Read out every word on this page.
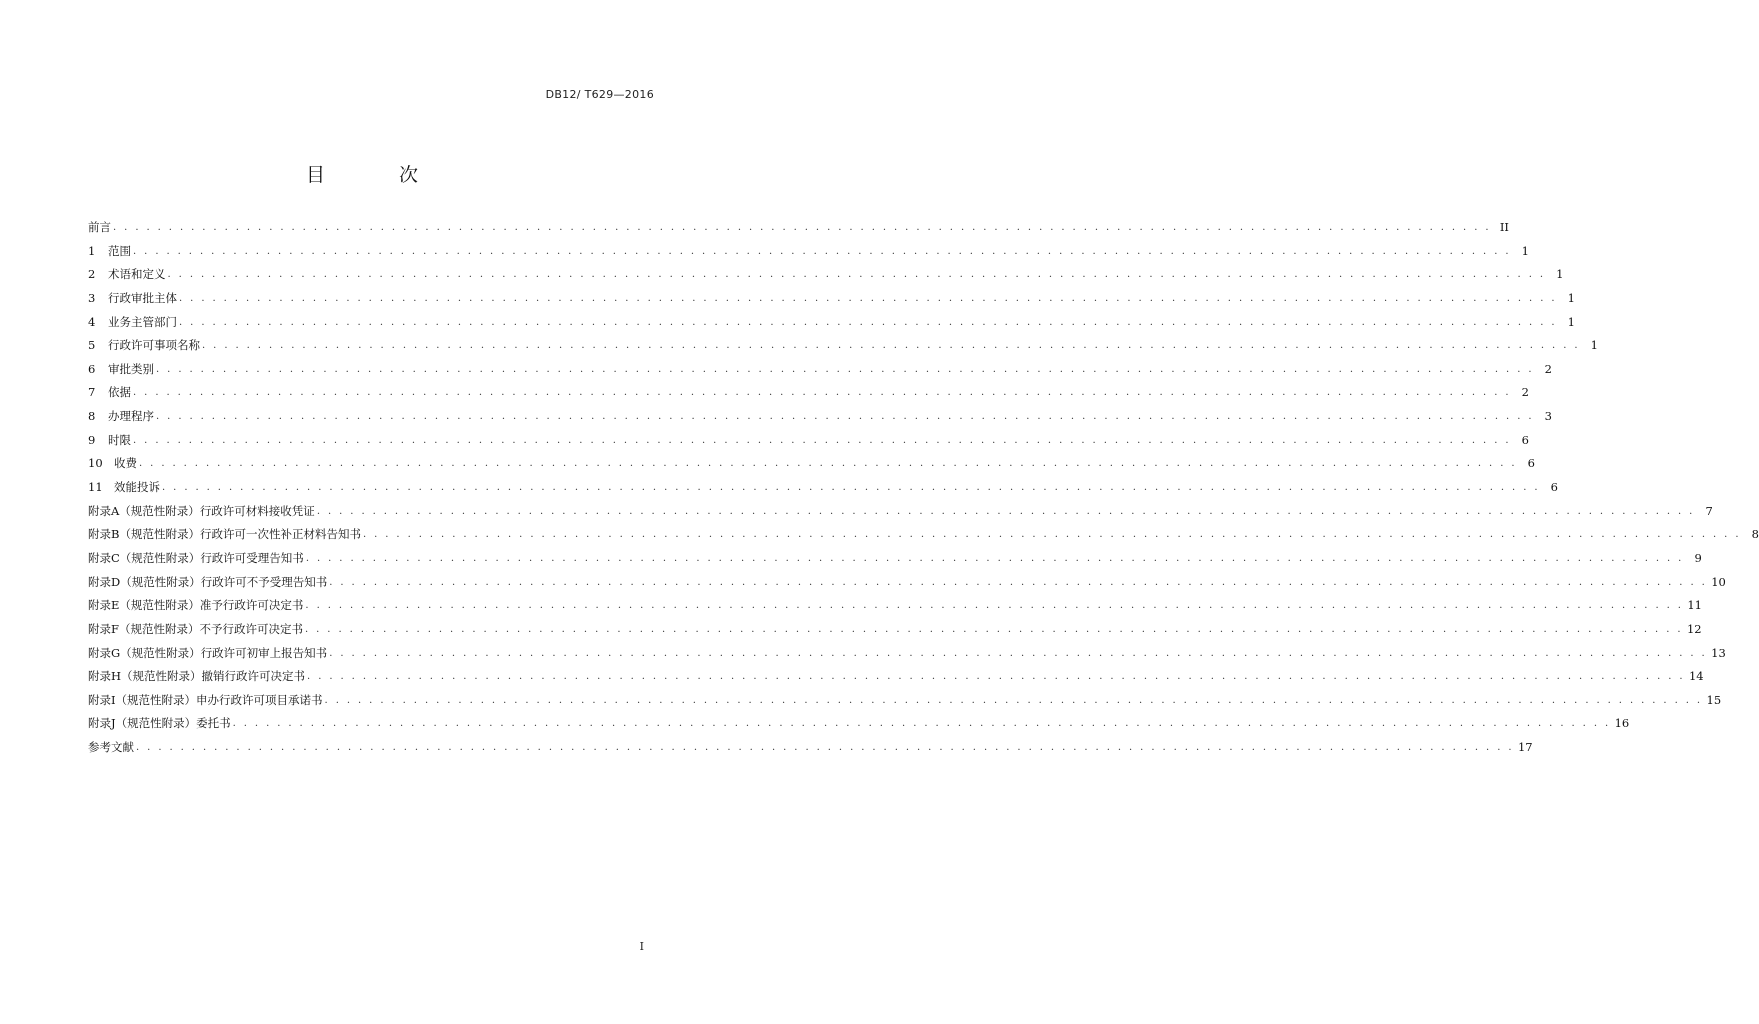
DB12/ T629—2016
目 次
前言 . . . . . . . . . . . . . . . . . . . . . . . . . . . . . . . . . . . . . . . . . . . . . . . . . . . . . . . . . . . . . . . . . . . . . . . . . . . . . . . . . . . . . . . . . . . . . . . . . . . . . . . . . . . . . . . . . . . . . . . . . . . . II
1	范围 . . . . . . . . . . . . . . . . . . . . . . . . . . . . . . . . . . . . . . . . . . . . . . . . . . . . . . . . . . . . . . . . . . . . . . . . . . . . . . . . . . . . . . . . . . . . . . . . . . . . . . . . . . . . . . . . . . . . . . . . . . . . 1
2	术语和定义 . . . . . . . . . . . . . . . . . . . . . . . . . . . . . . . . . . . . . . . . . . . . . . . . . . . . . . . . . . . . . . . . . . . . . . . . . . . . . . . . . . . . . . . . . . . . . . . . . . . . . . . . . . . . . . . . . . . . . . . . . . . . 1
3	行政审批主体 . . . . . . . . . . . . . . . . . . . . . . . . . . . . . . . . . . . . . . . . . . . . . . . . . . . . . . . . . . . . . . . . . . . . . . . . . . . . . . . . . . . . . . . . . . . . . . . . . . . . . . . . . . . . . . . . . . . . . . . . . . . . 1
4	业务主管部门 . . . . . . . . . . . . . . . . . . . . . . . . . . . . . . . . . . . . . . . . . . . . . . . . . . . . . . . . . . . . . . . . . . . . . . . . . . . . . . . . . . . . . . . . . . . . . . . . . . . . . . . . . . . . . . . . . . . . . . . . . . . . 1
5	行政许可事项名称 . . . . . . . . . . . . . . . . . . . . . . . . . . . . . . . . . . . . . . . . . . . . . . . . . . . . . . . . . . . . . . . . . . . . . . . . . . . . . . . . . . . . . . . . . . . . . . . . . . . . . . . . . . . . . . . . . . . . . . . . . . . . 1
6	审批类别 . . . . . . . . . . . . . . . . . . . . . . . . . . . . . . . . . . . . . . . . . . . . . . . . . . . . . . . . . . . . . . . . . . . . . . . . . . . . . . . . . . . . . . . . . . . . . . . . . . . . . . . . . . . . . . . . . . . . . . . . . . . . 2
7	依据 . . . . . . . . . . . . . . . . . . . . . . . . . . . . . . . . . . . . . . . . . . . . . . . . . . . . . . . . . . . . . . . . . . . . . . . . . . . . . . . . . . . . . . . . . . . . . . . . . . . . . . . . . . . . . . . . . . . . . . . . . . . . 2
8	办理程序 . . . . . . . . . . . . . . . . . . . . . . . . . . . . . . . . . . . . . . . . . . . . . . . . . . . . . . . . . . . . . . . . . . . . . . . . . . . . . . . . . . . . . . . . . . . . . . . . . . . . . . . . . . . . . . . . . . . . . . . . . . . . 3
9	时限 . . . . . . . . . . . . . . . . . . . . . . . . . . . . . . . . . . . . . . . . . . . . . . . . . . . . . . . . . . . . . . . . . . . . . . . . . . . . . . . . . . . . . . . . . . . . . . . . . . . . . . . . . . . . . . . . . . . . . . . . . . . . 6
10 收费 . . . . . . . . . . . . . . . . . . . . . . . . . . . . . . . . . . . . . . . . . . . . . . . . . . . . . . . . . . . . . . . . . . . . . . . . . . . . . . . . . . . . . . . . . . . . . . . . . . . . . . . . . . . . . . . . . . . . . . . . . . . . 6
11 效能投诉 . . . . . . . . . . . . . . . . . . . . . . . . . . . . . . . . . . . . . . . . . . . . . . . . . . . . . . . . . . . . . . . . . . . . . . . . . . . . . . . . . . . . . . . . . . . . . . . . . . . . . . . . . . . . . . . . . . . . . . . . . . . . 6
附录A（规范性附录） 行政许可材料接收凭证 . . . . . . . . . . . . . . . . . . . . . . . . . . . . . . . . . . . . . . . . . . . . . . . . . . . . . . . . . . . . . . . . . . . . . . . . . . . . . . . . . . . . . . . . . . . . . . . . . . . . . . . . . . . . . . . . . . . . . . . . . . . . 7
附录B（规范性附录） 行政许可一次性补正材料告知书 . . . . . . . . . . . . . . . . . . . . . . . . . . . . . . . . . . . . . . . . . . . . . . . . . . . . . . . . . . . . . . . . . . . . . . . . . . . . . . . . . . . . . . . . . . . . . . . . . . . . . . . . . . . . . . . . . . . . . . . . . . . . 8
附录C（规范性附录） 行政许可受理告知书 . . . . . . . . . . . . . . . . . . . . . . . . . . . . . . . . . . . . . . . . . . . . . . . . . . . . . . . . . . . . . . . . . . . . . . . . . . . . . . . . . . . . . . . . . . . . . . . . . . . . . . . . . . . . . . . . . . . . . . . . . . . . 9
附录D（规范性附录） 行政许可不予受理告知书 . . . . . . . . . . . . . . . . . . . . . . . . . . . . . . . . . . . . . . . . . . . . . . . . . . . . . . . . . . . . . . . . . . . . . . . . . . . . . . . . . . . . . . . . . . . . . . . . . . . . . . . . . . . . . . . . . . . . . . . . . . . . 10
附录E（规范性附录） 准予行政许可决定书 . . . . . . . . . . . . . . . . . . . . . . . . . . . . . . . . . . . . . . . . . . . . . . . . . . . . . . . . . . . . . . . . . . . . . . . . . . . . . . . . . . . . . . . . . . . . . . . . . . . . . . . . . . . . . . . . . . . . . . . . . . . . 11
附录F（规范性附录） 不予行政许可决定书 . . . . . . . . . . . . . . . . . . . . . . . . . . . . . . . . . . . . . . . . . . . . . . . . . . . . . . . . . . . . . . . . . . . . . . . . . . . . . . . . . . . . . . . . . . . . . . . . . . . . . . . . . . . . . . . . . . . . . . . . . . . . 12
附录G（规范性附录） 行政许可初审上报告知书 . . . . . . . . . . . . . . . . . . . . . . . . . . . . . . . . . . . . . . . . . . . . . . . . . . . . . . . . . . . . . . . . . . . . . . . . . . . . . . . . . . . . . . . . . . . . . . . . . . . . . . . . . . . . . . . . . . . . . . . . . . . . 13
附录H（规范性附录） 撤销行政许可决定书 . . . . . . . . . . . . . . . . . . . . . . . . . . . . . . . . . . . . . . . . . . . . . . . . . . . . . . . . . . . . . . . . . . . . . . . . . . . . . . . . . . . . . . . . . . . . . . . . . . . . . . . . . . . . . . . . . . . . . . . . . . . . 14
附录I（规范性附录） 申办行政许可项目承诺书 . . . . . . . . . . . . . . . . . . . . . . . . . . . . . . . . . . . . . . . . . . . . . . . . . . . . . . . . . . . . . . . . . . . . . . . . . . . . . . . . . . . . . . . . . . . . . . . . . . . . . . . . . . . . . . . . . . . . . . . . . . . . 15
附录J（规范性附录） 委托书 . . . . . . . . . . . . . . . . . . . . . . . . . . . . . . . . . . . . . . . . . . . . . . . . . . . . . . . . . . . . . . . . . . . . . . . . . . . . . . . . . . . . . . . . . . . . . . . . . . . . . . . . . . . . . . . . . . . . . . . . . . . . 16
参考文献 . . . . . . . . . . . . . . . . . . . . . . . . . . . . . . . . . . . . . . . . . . . . . . . . . . . . . . . . . . . . . . . . . . . . . . . . . . . . . . . . . . . . . . . . . . . . . . . . . . . . . . . . . . . . . . . . . . . . . . . . . . . . 17
I
